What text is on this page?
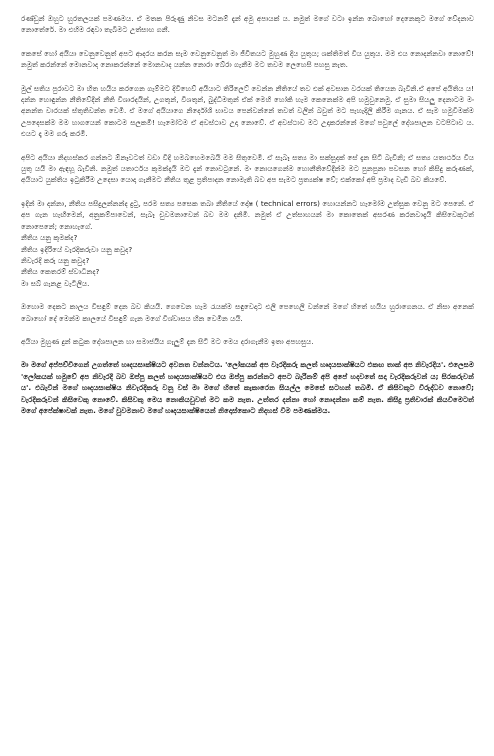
රණ්ඩුන් ඔහුට හුරතලයක් පමණමය. ඒ මතක පිරුණු නිවස මටනම් දැන් අමු අපායක් ය. නමුත් මගේ වටා ඉන්න බොහෝ දෙනෙකුට මගේ වේදනාව නොතේරේ. මා එහිම රඳවා තැබීමට උත්සාහ ගනී.

කෙසේ හෝ අයියා වෙනුවෙනුත් අපට ආදරය කරන සැම වෙනුවෙනුත් මා ජීවිතයට මුහුණ දිය යුතුය; ශක්තිමත් විය යුතුය. මම එය නොදන්නවා නොවේ! නමුත් කරන්නේ මොනවාද නොකරන්නේ මොනවාද යන්න නොරා බේරා ගැනීම මට තවම ලෙහෙසි පහසු නැත.

මුල් සතිය පුරාවට මා හිත හයිය කරගෙන ගැම්මට දිවිහෙව් අයියාට තිරිලෙට් වෙන්න නීතියේ තව එක් අවසාන වරයක් තියෙන බැවිනි.ඒ අපේ අයිතිය ය! දන්න හොඳුන්න නීතිවේදීන් නීති විශාරදයින්, උගතුන්, විශතුන්, බුද්ධිමතුන් ඒක් මෙහි හෝකි හැම කෙනෙක්ම අපි හමුවුනෙමු. ඒ සුමා සියලු දෙනාටම මං අනන්ත වාරයක් ස්තුතිවන්ත වෙමි. ඒ මගේ අයියාගෙ නිර්දෝශි භාවය පෙන්වන්නේ තවත් වලින් බවුත් මට පැහැදිලි කිරීම ගැනය. ඒ සැම හමුවීමක්ම උපදෙසක්ම මම හාගයෙන් කොටම සලකමි! හැමෝටම ඒ අවස්ථාව උදා නොවේ. ඒ අවස්ථාව මට උදාකරන්නේ මගේ පවුලේ දේශපාලන වටපිටාව ය. එයට දෑ මම ගරු කරමි.

අපිට අයියා නිදහස්කර ගන්නට ඕනෑවටත් වඩා විදි හමබහෙමබෙයි මම සිතුවෙමි. ඒ සැබෑ සත්‍ය මා සක්සුදක් සේ දැන සිටි බැවිනි; ඒ සත්‍ය යතාර්ථය විය යුතු යයි මා ඇඳහූ බැවිනි. නමුත් යතාර්ථය කුමක්දැයි මට දැන් නොවටුනේ. මං නොයගෙන්ම හොනීතිවේදීන්ම මට පුනපුනා පවසන හෝ කිසිදු කරුණක්, අයියාට යුක්තිය ඉටුකිරීම උදෙසා යොදා ගැනීමට නීතිය තුළ ප්‍රතිපාදන නොමැති බව අප සැමට ප්‍රත්‍යක්ෂ වේ; එක්කෝ අපි ප්‍රමාද වැඩි බව කියවේ.

ඉදින් මා දන්නා, නීතිය පසිදුලන්නන්ද දුටු, පරම සත්‍ය පසෙක තබා නීතියේ දෝෂ ( technical errors) හොයන්නට හැමෝම උත්සුක වෙනු මට පෙනේ. ඒ අප ගැන හැඟීමෙන්, අනුකම්පාවෙන්, සැබෑ චුවමනාවෙන් බව මම දනිමි. නමුත් ඒ උත්සාහයන් මා කොතෙක් අසරණ කරනවාදැයි කිසිවෙකුටත් නොපෙනේ; නොහැගේ.

නීතිය යනු කුමක්ද?
නීතිය ඉදිරියේ වැරදිකරුවා යනු කවුද?
නිවැරදි කරු යනු කවුද?
නීතිය කෙතරම් ස්වාධීනද?
මා සබ් ගැනළ වැටිලිය.

ඔහොම දෙකට කාලය විසඳුම් දෙන බව කියයි. ගෙවෙන හැම රැයක්ම සඳුවෙදාට එලි පෙහෙලි වන්නේ මගේ හිතේ හයිය හුරාගෙනය. ඒ නිසා අනෙක් බොහෝ දේ මෙන්ම කාලයේ විසඳුම් ගැන මගේ විශ්වාසය හීන වෙමින යයි.

අයියා මුහුණ දුන් කටුක දේශපාලන හා සමාජයීය ගැලුම් දැන සිටි මට මෙය දරාගැනීම ඉතා අපහසුය.

මා මගේ අප්පච්චිගෙන් උගත්තේ හෘදයසාක්ෂියට අවනත වන්නටය. 'ලෝකයක් අප වැරදිකරු කලත් හෘදයසාක්ෂියට එකඟ තාක් අප නිවැරදිය'. එලෙසම 'ලෝකයක් හමුවේ අප නිවැරදි බව ඔප්පු කලත් හෘදයසාක්ෂියට එය ඔප්පු කරන්නට අපට බැරිනම් අපි අපේ හදවතේ සදා වැරදිකරුවන් ය; සිරකරුවන් ය'. එබැවින් මගේ හෘදයසාක්ෂිය නිවැරදිකරු වනු වස් මා මගේ හිතේ කැකාරෙන සියල්ල මෙසේ සටහන් තබමි. ඒ කිසිවකුට විරුද්ධව නොවේ; වැරදිකරුවන් කිසිවෙකු නොවේ. කිසිවකු මෙය නොකියවුවත් මට කම නැත. උත්තර දන්නා හෝ නොදන්නා කම් නැත. කිසිදු ප්‍රතිචාරක් කියවීමෙටත් මගේ අපේක්ෂාවක් නැත. මගේ වුවමනාව මගේ හෘදයසාක්ෂියෙන් නිදොස්කොට නිදහස් වීම පමණක්මය.
